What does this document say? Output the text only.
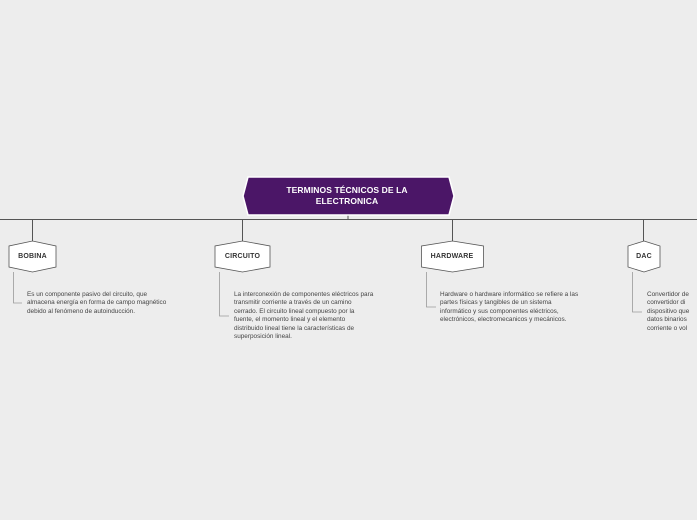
TERMINOS TÉCNICOS DE LA ELECTRONICA
BOBINA	CIRCUITO	HARDWARE	DAC
Es un componente pasivo del circuito, que
almacena energía en forma de campo magnético
debido al fenómeno de autoinducción.
La interconexión de componentes eléctricos para
transmitir corriente a través de un camino
cerrado. El circuito lineal compuesto por la
fuente, el momento lineal y el elemento
distribuido lineal tiene la características de
superposición lineal.
Hardware o hardware informático se refiere a las
partes físicas y tangibles de un sistema
informático y sus componentes eléctricos,
electrónicos, electromecanicos y mecánicos.
Convertidor de
convertidor di
dispositivo que
datos binarios
corriente o vol
